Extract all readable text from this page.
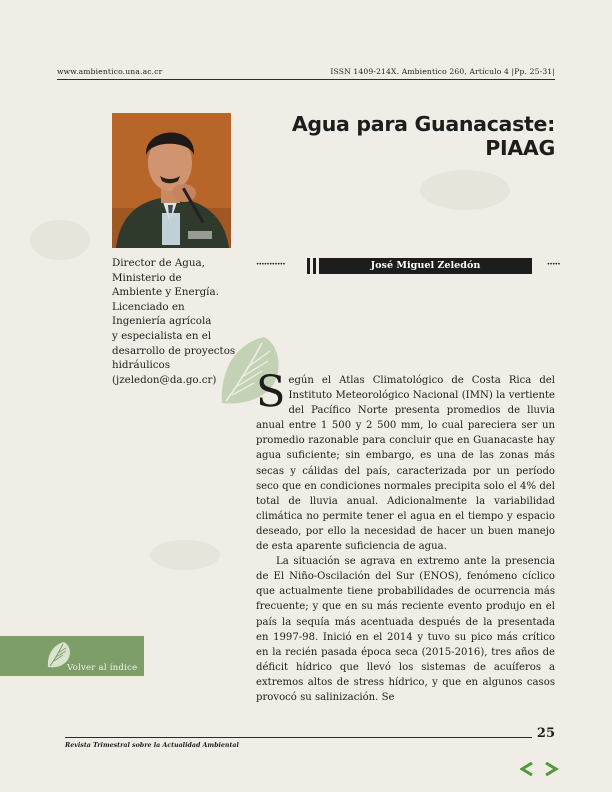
www.ambientico.una.ac.cr	ISSN 1409-214X. Ambientico 260, Artículo 4 |Pp. 25-31|
Agua para Guanacaste:
PIAAG
Director de Agua,
Ministerio de
Ambiente y Energía.
Licenciado en
Ingeniería agrícola
y especialista en el
desarrollo de proyectos
hidráulicos
(jzeledon@da.go.cr)
···········	José Miguel Zeledón	·····

Según el Atlas Climatológico de Costa Rica del Instituto Meteorológico Nacional (IMN) la vertiente del Pacífico Norte presenta promedios de lluvia anual entre 1 500 y 2 500 mm, lo cual pareciera ser un promedio razonable para concluir que en Guanacaste hay agua suficiente; sin embargo, es una de las zonas más secas y cálidas del país, caracterizada por un período seco que en condiciones normales precipita solo el 4% del total de lluvia anual. Adicionalmente la variabilidad climática no permite tener el agua en el tiempo y espacio deseado, por ello la necesidad de hacer un buen manejo de esta aparente suficiencia de agua.

La situación se agrava en extremo ante la presencia de El Niño-Oscilación del Sur (ENOS), fenómeno cíclico que actualmente tiene probabilidades de ocurrencia más frecuente; y que en su más reciente evento produjo en el país la sequía más acentuada después de la presentada en 1997-98. Inició en el 2014 y tuvo su pico más crítico en la recién pasada época seca (2015-2016), tres años de déficit hídrico que llevó los sistemas de acuíferos a extremos altos de stress hídrico, y que en algunos casos provocó su salinización. Se

Volver al índice
25
Revista Trimestral sobre la Actualidad Ambiental
